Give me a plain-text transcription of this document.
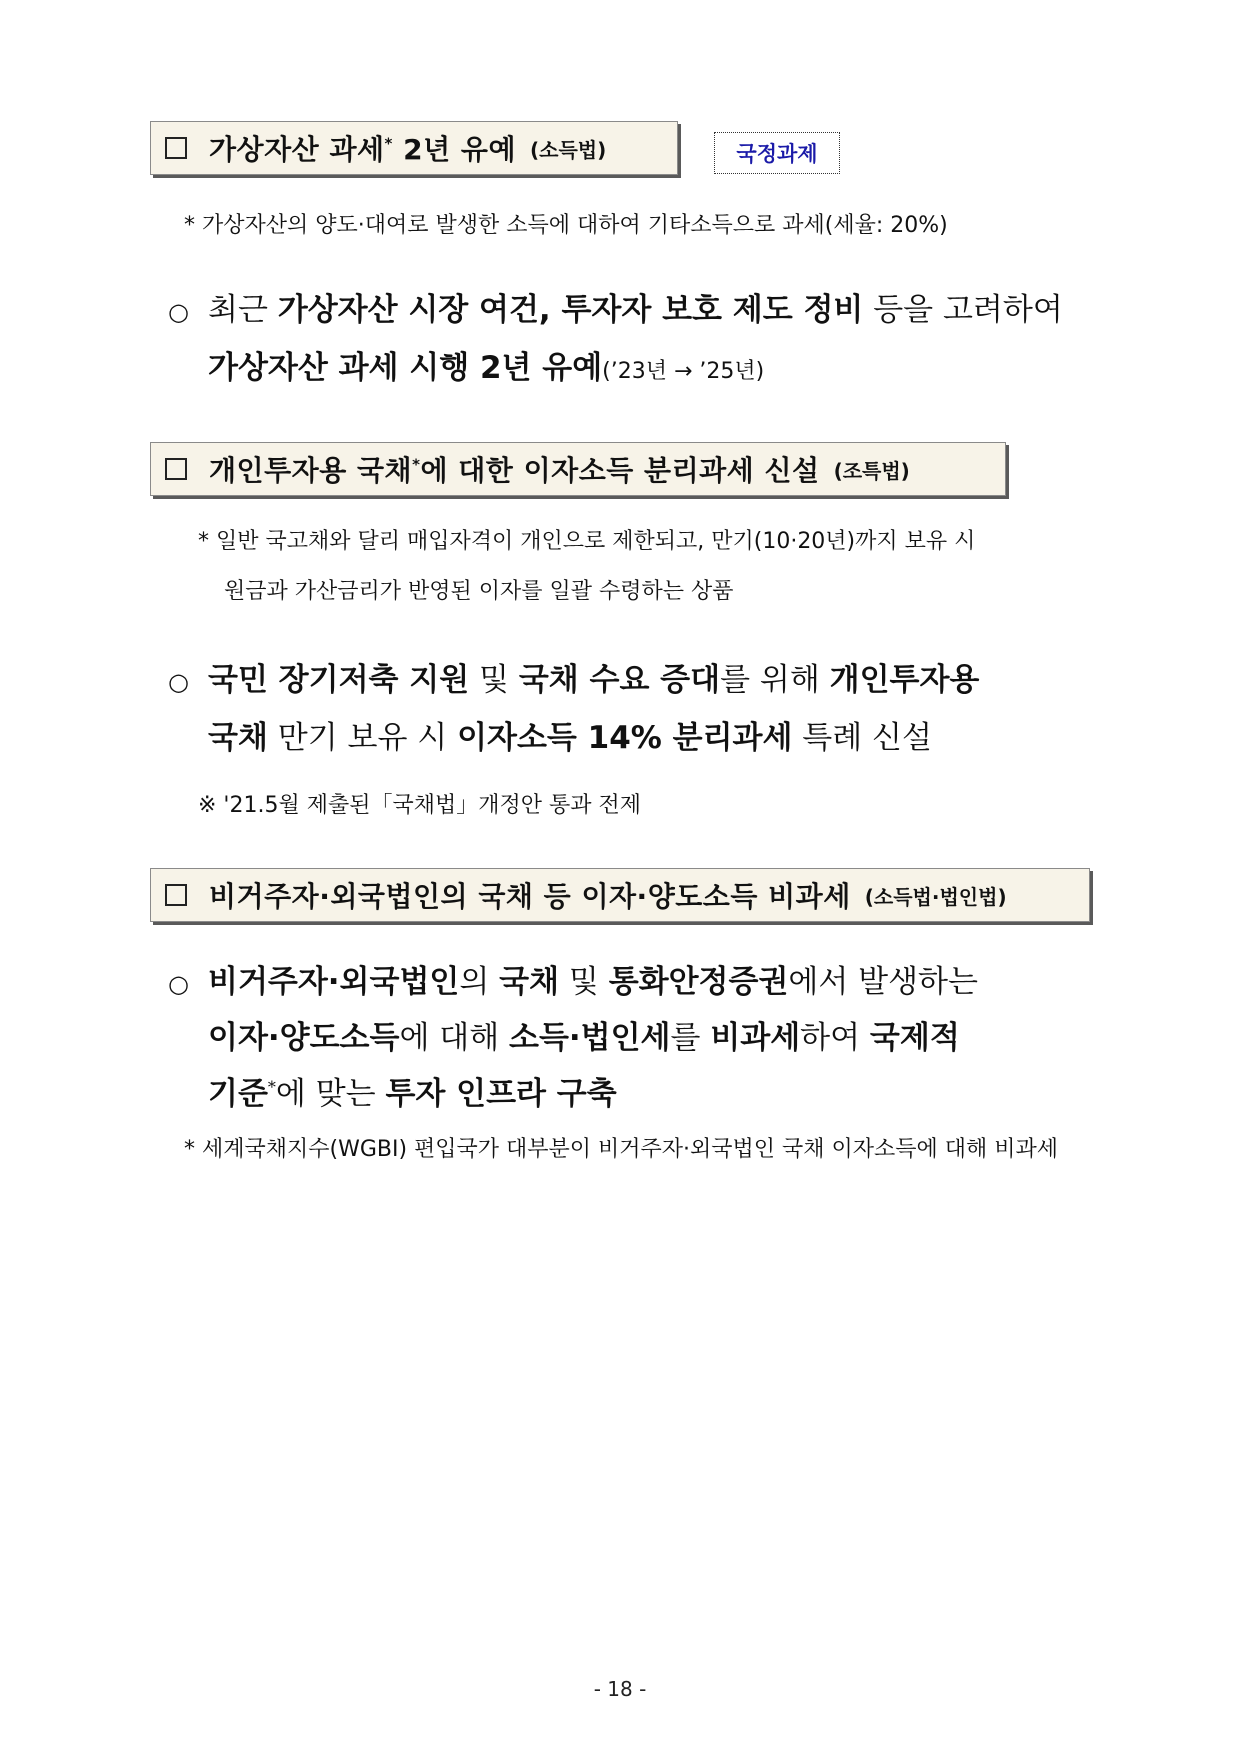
가상자산 과세* 2년 유예 (소득법)	국정과제
* 가상자산의 양도·대여로 발생한 소득에 대하여 기타소득으로 과세(세율: 20%)
○ 최근 가상자산 시장 여건, 투자자 보호 제도 정비 등을 고려하여
가상자산 과세 시행 2년 유예(’23년 → ’25년)
개인투자용 국채*에 대한 이자소득 분리과세 신설 (조특법)
* 일반 국고채와 달리 매입자격이 개인으로 제한되고, 만기(10·20년)까지 보유 시
원금과 가산금리가 반영된 이자를 일괄 수령하는 상품
○ 국민 장기저축 지원 및 국채 수요 증대를 위해 개인투자용
국채 만기 보유 시 이자소득 14% 분리과세 특례 신설
※ '21.5월 제출된「국채법」개정안 통과 전제
비거주자·외국법인의 국채 등 이자·양도소득 비과세 (소득법·법인법)
○ 비거주자·외국법인의 국채 및 통화안정증권에서 발생하는
이자·양도소득에 대해 소득·법인세를 비과세하여 국제적
기준*에 맞는 투자 인프라 구축
* 세계국채지수(WGBI) 편입국가 대부분이 비거주자·외국법인 국채 이자소득에 대해 비과세
- 18 -
